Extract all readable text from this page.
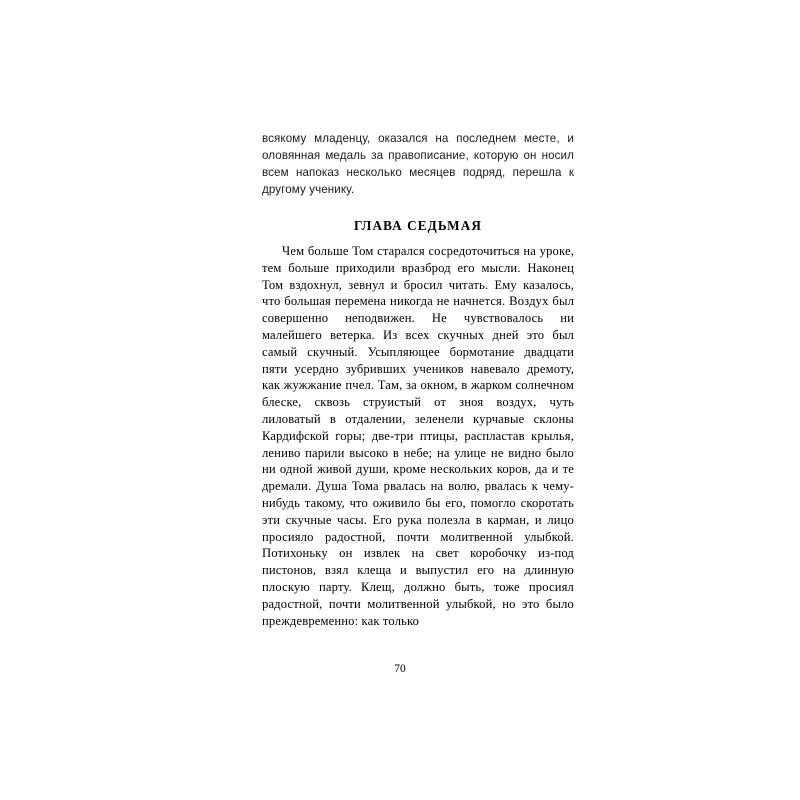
всякому младенцу, оказался на последнем месте, и оловянная медаль за правописание, которую он носил всем напоказ несколько месяцев подряд, перешла к другому ученику.

ГЛАВА СЕДЬМАЯ

Чем больше Том старался сосредоточиться на уроке, тем больше приходили вразброд его мысли. Наконец Том вздохнул, зевнул и бросил читать. Ему казалось, что большая перемена никогда не начнется. Воздух был совершенно неподвижен. Не чувствовалось ни малейшего ветерка. Из всех скучных дней это был самый скучный. Усыпляющее бормотание двадцати пяти усердно зубривших учеников навевало дремоту, как жужжание пчел. Там, за окном, в жарком солнечном блеске, сквозь струистый от зноя воздух, чуть лиловатый в отдалении, зеленели курчавые склоны Кардифской горы; две-три птицы, распластав крылья, лениво парили высоко в небе; на улице не видно было ни одной живой души, кроме нескольких коров, да и те дремали. Душа Тома рвалась на волю, рвалась к чему-нибудь такому, что оживило бы его, помогло скоротать эти скучные часы. Его рука полезла в карман, и лицо просияло радостной, почти молитвенной улыбкой. Потихоньку он извлек на свет коробочку из-под пистонов, взял клеща и выпустил его на длинную плоскую парту. Клещ, должно быть, тоже просиял радостной, почти молитвенной улыбкой, но это было преждевременно: как только

70
